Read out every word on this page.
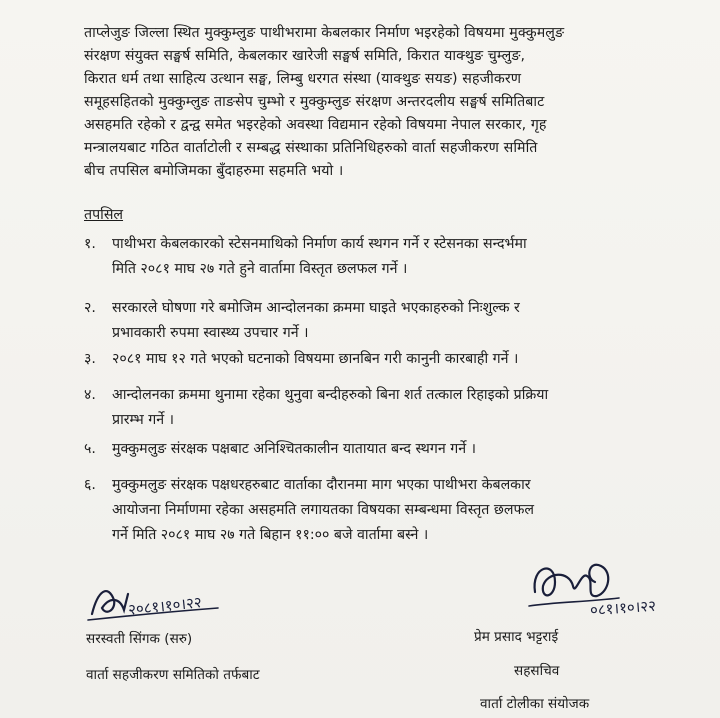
ताप्लेजुङ जिल्ला स्थित मुक्कुम्लुङ पाथीभरामा केबलकार निर्माण भइरहेको विषयमा मुक्कुमलुङ
संरक्षण संयुक्त सङ्घर्ष समिति, केबलकार खारेजी सङ्घर्ष समिति, किरात याक्थुङ चुम्लुङ,
किरात धर्म तथा साहित्य उत्थान सङ्घ, लिम्बु धरगत संस्था (याक्थुङ सयङ) सहजीकरण
समूहसहितको मुक्कुम्लुङ ताङसेप चुम्भो र मुक्कुम्लुङ संरक्षण अन्तरदलीय सङ्घर्ष समितिबाट
असहमति रहेको र द्वन्द्व समेत भइरहेको अवस्था विद्यमान रहेको विषयमा नेपाल सरकार, गृह
मन्त्रालयबाट गठित वार्ताटोली र सम्बद्ध संस्थाका प्रतिनिधिहरुको वार्ता सहजीकरण समिति
बीच तपसिल बमोजिमका बुँदाहरुमा सहमति भयो ।
तपसिल
१.	पाथीभरा केबलकारको स्टेसनमाथिको निर्माण कार्य स्थगन गर्ने र स्टेसनका सन्दर्भमा
मिति २०८१ माघ २७ गते हुने वार्तामा विस्तृत छलफल गर्ने ।
२.	सरकारले घोषणा गरे बमोजिम आन्दोलनका क्रममा घाइते भएकाहरुको निःशुल्क र
प्रभावकारी रुपमा स्वास्थ्य उपचार गर्ने ।
३.	२०८१ माघ १२ गते भएको घटनाको विषयमा छानबिन गरी कानुनी कारबाही गर्ने ।
४.	आन्दोलनका क्रममा थुनामा रहेका थुनुवा बन्दीहरुको बिना शर्त तत्काल रिहाइको प्रक्रिया
प्रारम्भ गर्ने ।
५.	मुक्कुमलुङ संरक्षक पक्षबाट अनिश्चितकालीन यातायात बन्द स्थगन गर्ने ।
६.	मुक्कुमलुङ संरक्षक पक्षधरहरुबाट वार्ताका दौरानमा माग भएका पाथीभरा केबलकार
आयोजना निर्माणमा रहेका असहमति लगायतका विषयका सम्बन्धमा विस्तृत छलफल
गर्ने मिति २०८१ माघ २७ गते बिहान ११:०० बजे वार्तामा बस्ने ।
२०८१।१०।२२
सरस्वती सिंगक (सरु)
वार्ता सहजीकरण समितिको तर्फबाट
०८१।१०।२२
प्रेम प्रसाद भट्टराई
सहसचिव
वार्ता टोलीका संयोजक
